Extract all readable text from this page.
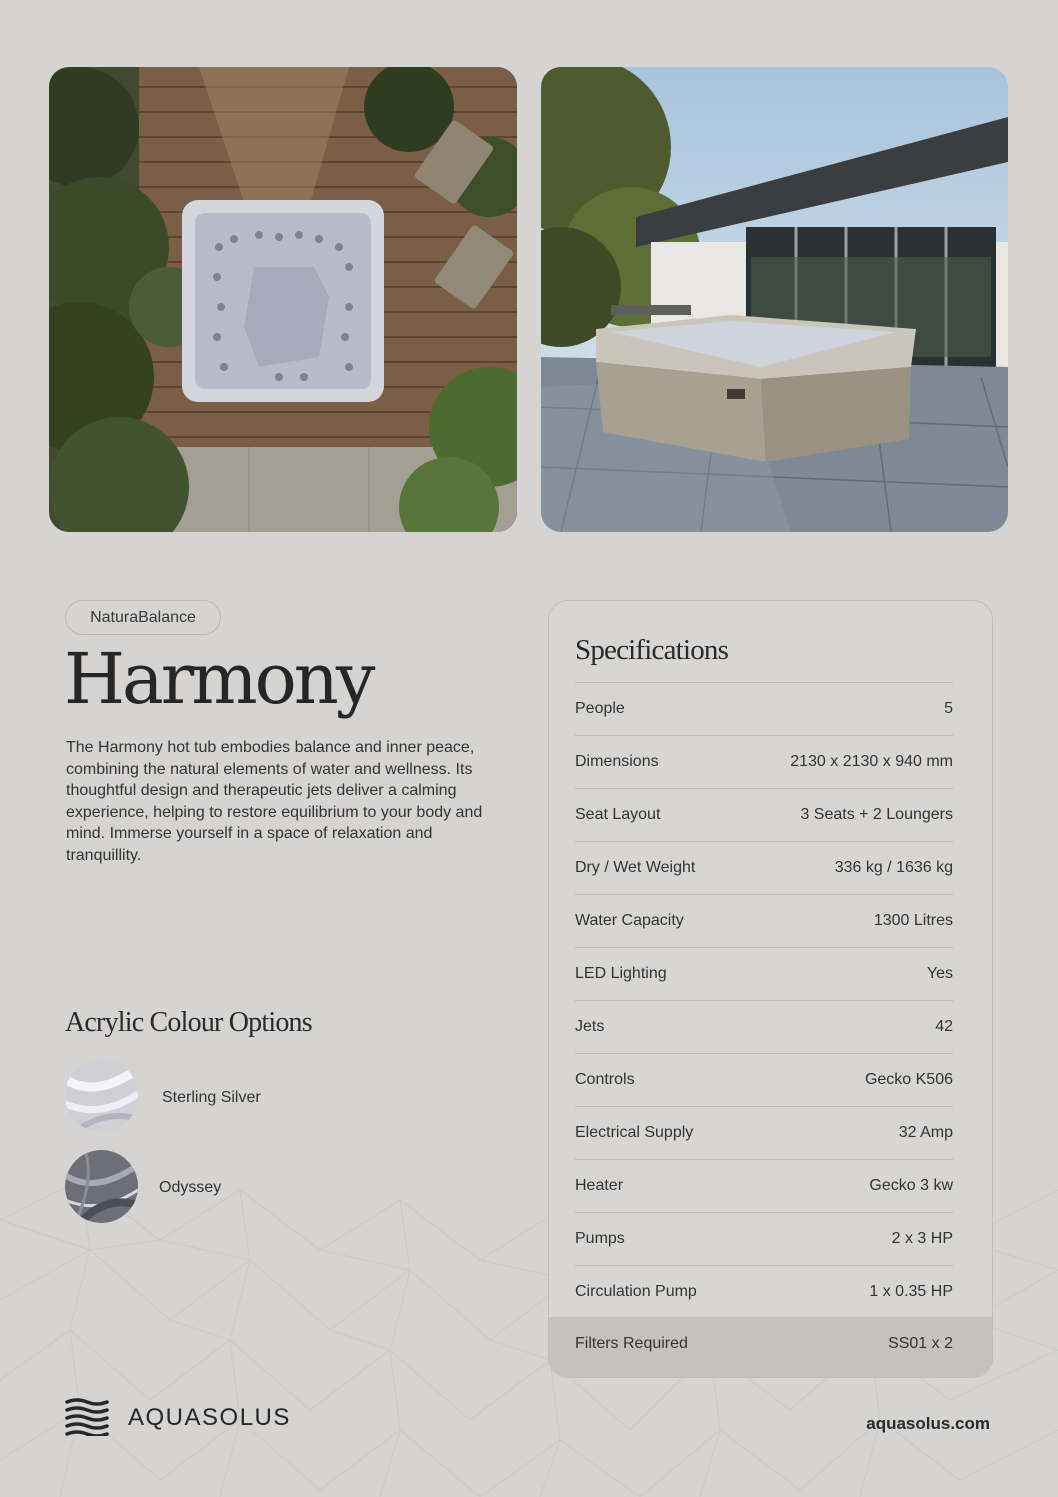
NaturaBalance
Harmony

The Harmony hot tub embodies balance and inner peace, combining the natural elements of water and wellness. Its thoughtful design and therapeutic jets deliver a calming experience, helping to restore equilibrium to your body and mind. Immerse yourself in a space of relaxation and tranquillity.

Acrylic Colour Options
Sterling Silver
Odyssey
Specifications
People	5
Dimensions	2130 x 2130 x 940 mm
Seat Layout	3 Seats + 2 Loungers
Dry / Wet Weight	336 kg / 1636 kg
Water Capacity	1300 Litres
LED Lighting	Yes
Jets	42
Controls	Gecko K506
Electrical Supply	32 Amp
Heater	Gecko 3 kw
Pumps	2 x 3 HP
Circulation Pump	1 x 0.35 HP
Filters Required	SS01 x 2
AQUASOLUS	aquasolus.com
